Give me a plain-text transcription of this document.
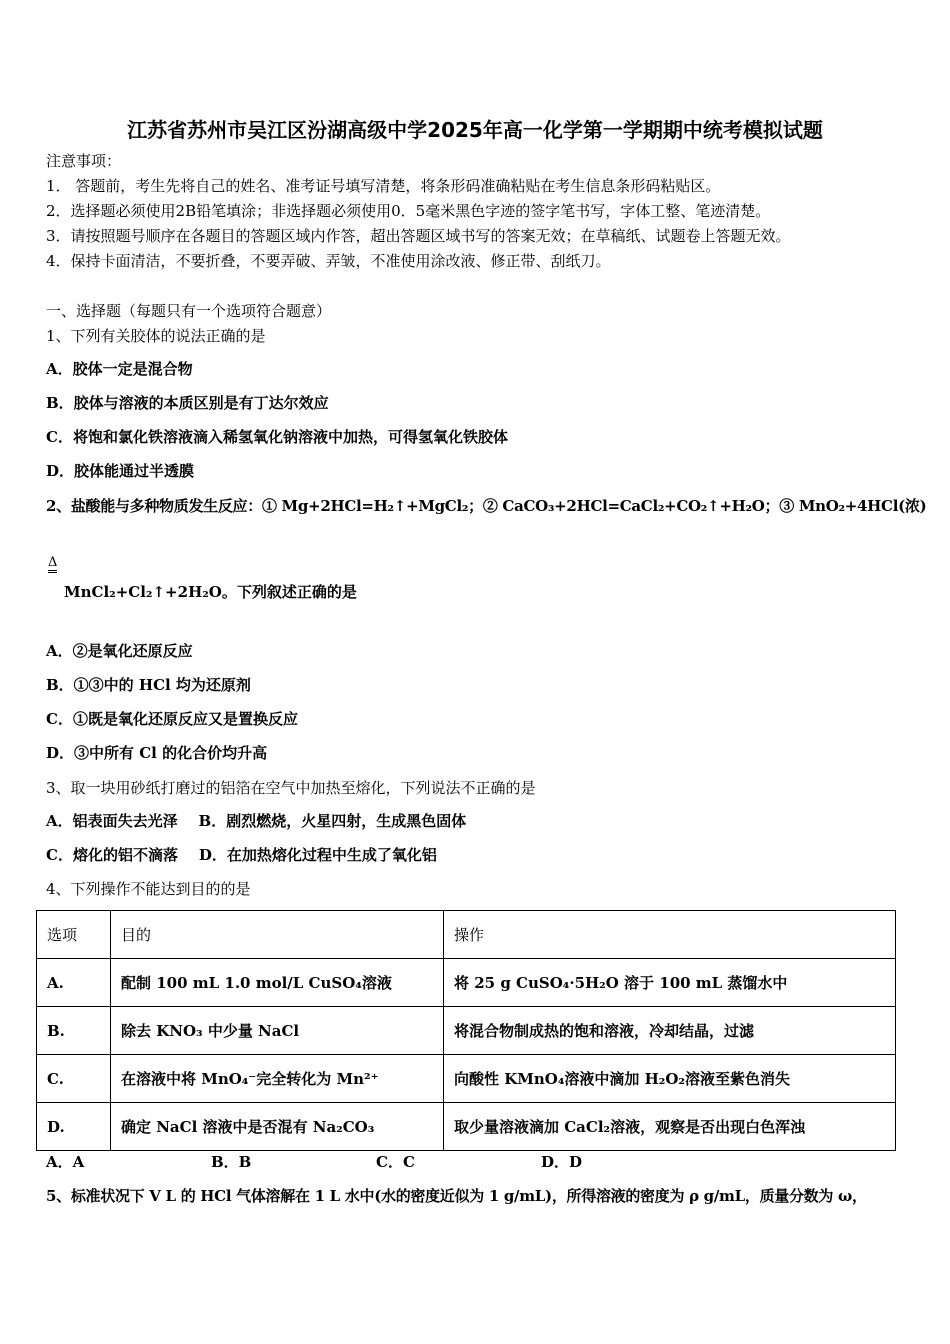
江苏省苏州市吴江区汾湖高级中学2025年高一化学第一学期期中统考模拟试题
注意事项：
1． 答题前，考生先将自己的姓名、准考证号填写清楚，将条形码准确粘贴在考生信息条形码粘贴区。
2．选择题必须使用2B铅笔填涂；非选择题必须使用0．5毫米黑色字迹的签字笔书写，字体工整、笔迹清楚。
3．请按照题号顺序在各题目的答题区域内作答，超出答题区域书写的答案无效；在草稿纸、试题卷上答题无效。
4．保持卡面清洁，不要折叠，不要弄破、弄皱，不准使用涂改液、修正带、刮纸刀。
一、选择题（每题只有一个选项符合题意）
1、下列有关胶体的说法正确的是
A．胶体一定是混合物
B．胶体与溶液的本质区别是有丁达尔效应
C．将饱和氯化铁溶液滴入稀氢氧化钠溶液中加热，可得氢氧化铁胶体
D．胶体能通过半透膜
2、盐酸能与多种物质发生反应：① Mg+2HCl=H₂↑+MgCl₂；② CaCO₃+2HCl=CaCl₂+CO₂↑+H₂O；③ MnO₂+4HCl(浓)
Δ
MnCl₂+Cl₂↑+2H₂O。下列叙述正确的是
A．②是氧化还原反应
B．①③中的 HCl 均为还原剂
C．①既是氧化还原反应又是置换反应
D．③中所有 Cl 的化合价均升高
3、取一块用砂纸打磨过的铝箔在空气中加热至熔化，下列说法不正确的是
A．铝表面失去光泽    B．剧烈燃烧，火星四射，生成黑色固体
C．熔化的铝不滴落    D．在加热熔化过程中生成了氧化铝
4、下列操作不能达到目的的是
选项	目的	操作
A.	配制 100 mL 1.0 mol/L CuSO₄溶液	将 25 g CuSO₄·5H₂O 溶于 100 mL 蒸馏水中
B.	除去 KNO₃ 中少量 NaCl	将混合物制成热的饱和溶液，冷却结晶，过滤
C.	在溶液中将 MnO₄⁻完全转化为 Mn²⁺	向酸性 KMnO₄溶液中滴加 H₂O₂溶液至紫色消失
D.	确定 NaCl 溶液中是否混有 Na₂CO₃	取少量溶液滴加 CaCl₂溶液，观察是否出现白色浑浊
A．A	B．B	C．C	D．D
5、标准状况下 V L 的 HCl 气体溶解在 1 L 水中(水的密度近似为 1 g/mL)，所得溶液的密度为 ρ g/mL，质量分数为 ω，
